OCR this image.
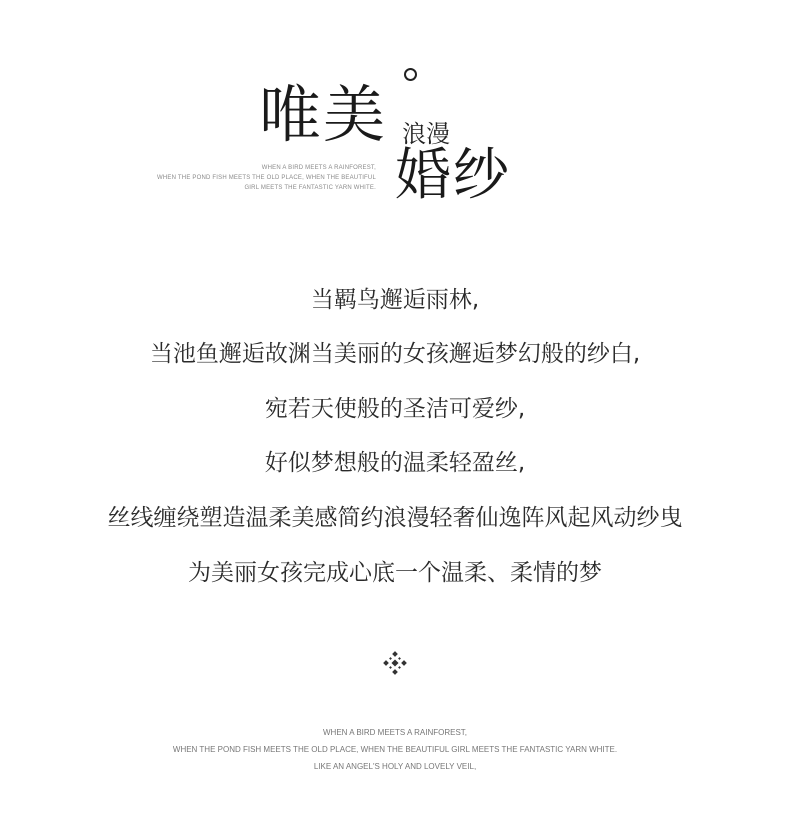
唯美 浪漫
婚纱
WHEN A BIRD MEETS A RAINFOREST,
WHEN THE POND FISH MEETS THE OLD PLACE, WHEN THE BEAUTIFUL
GIRL MEETS THE FANTASTIC YARN WHITE.
当羁鸟邂逅雨林,
当池鱼邂逅故渊当美丽的女孩邂逅梦幻般的纱白,
宛若天使般的圣洁可爱纱,
好似梦想般的温柔轻盈丝,
丝线缠绕塑造温柔美感简约浪漫轻奢仙逸阵风起风动纱曳
为美丽女孩完成心底一个温柔、柔情的梦
WHEN A BIRD MEETS A RAINFOREST,
WHEN THE POND FISH MEETS THE OLD PLACE, WHEN THE BEAUTIFUL GIRL MEETS THE FANTASTIC YARN WHITE.
LIKE AN ANGEL'S HOLY AND LOVELY VEIL,
